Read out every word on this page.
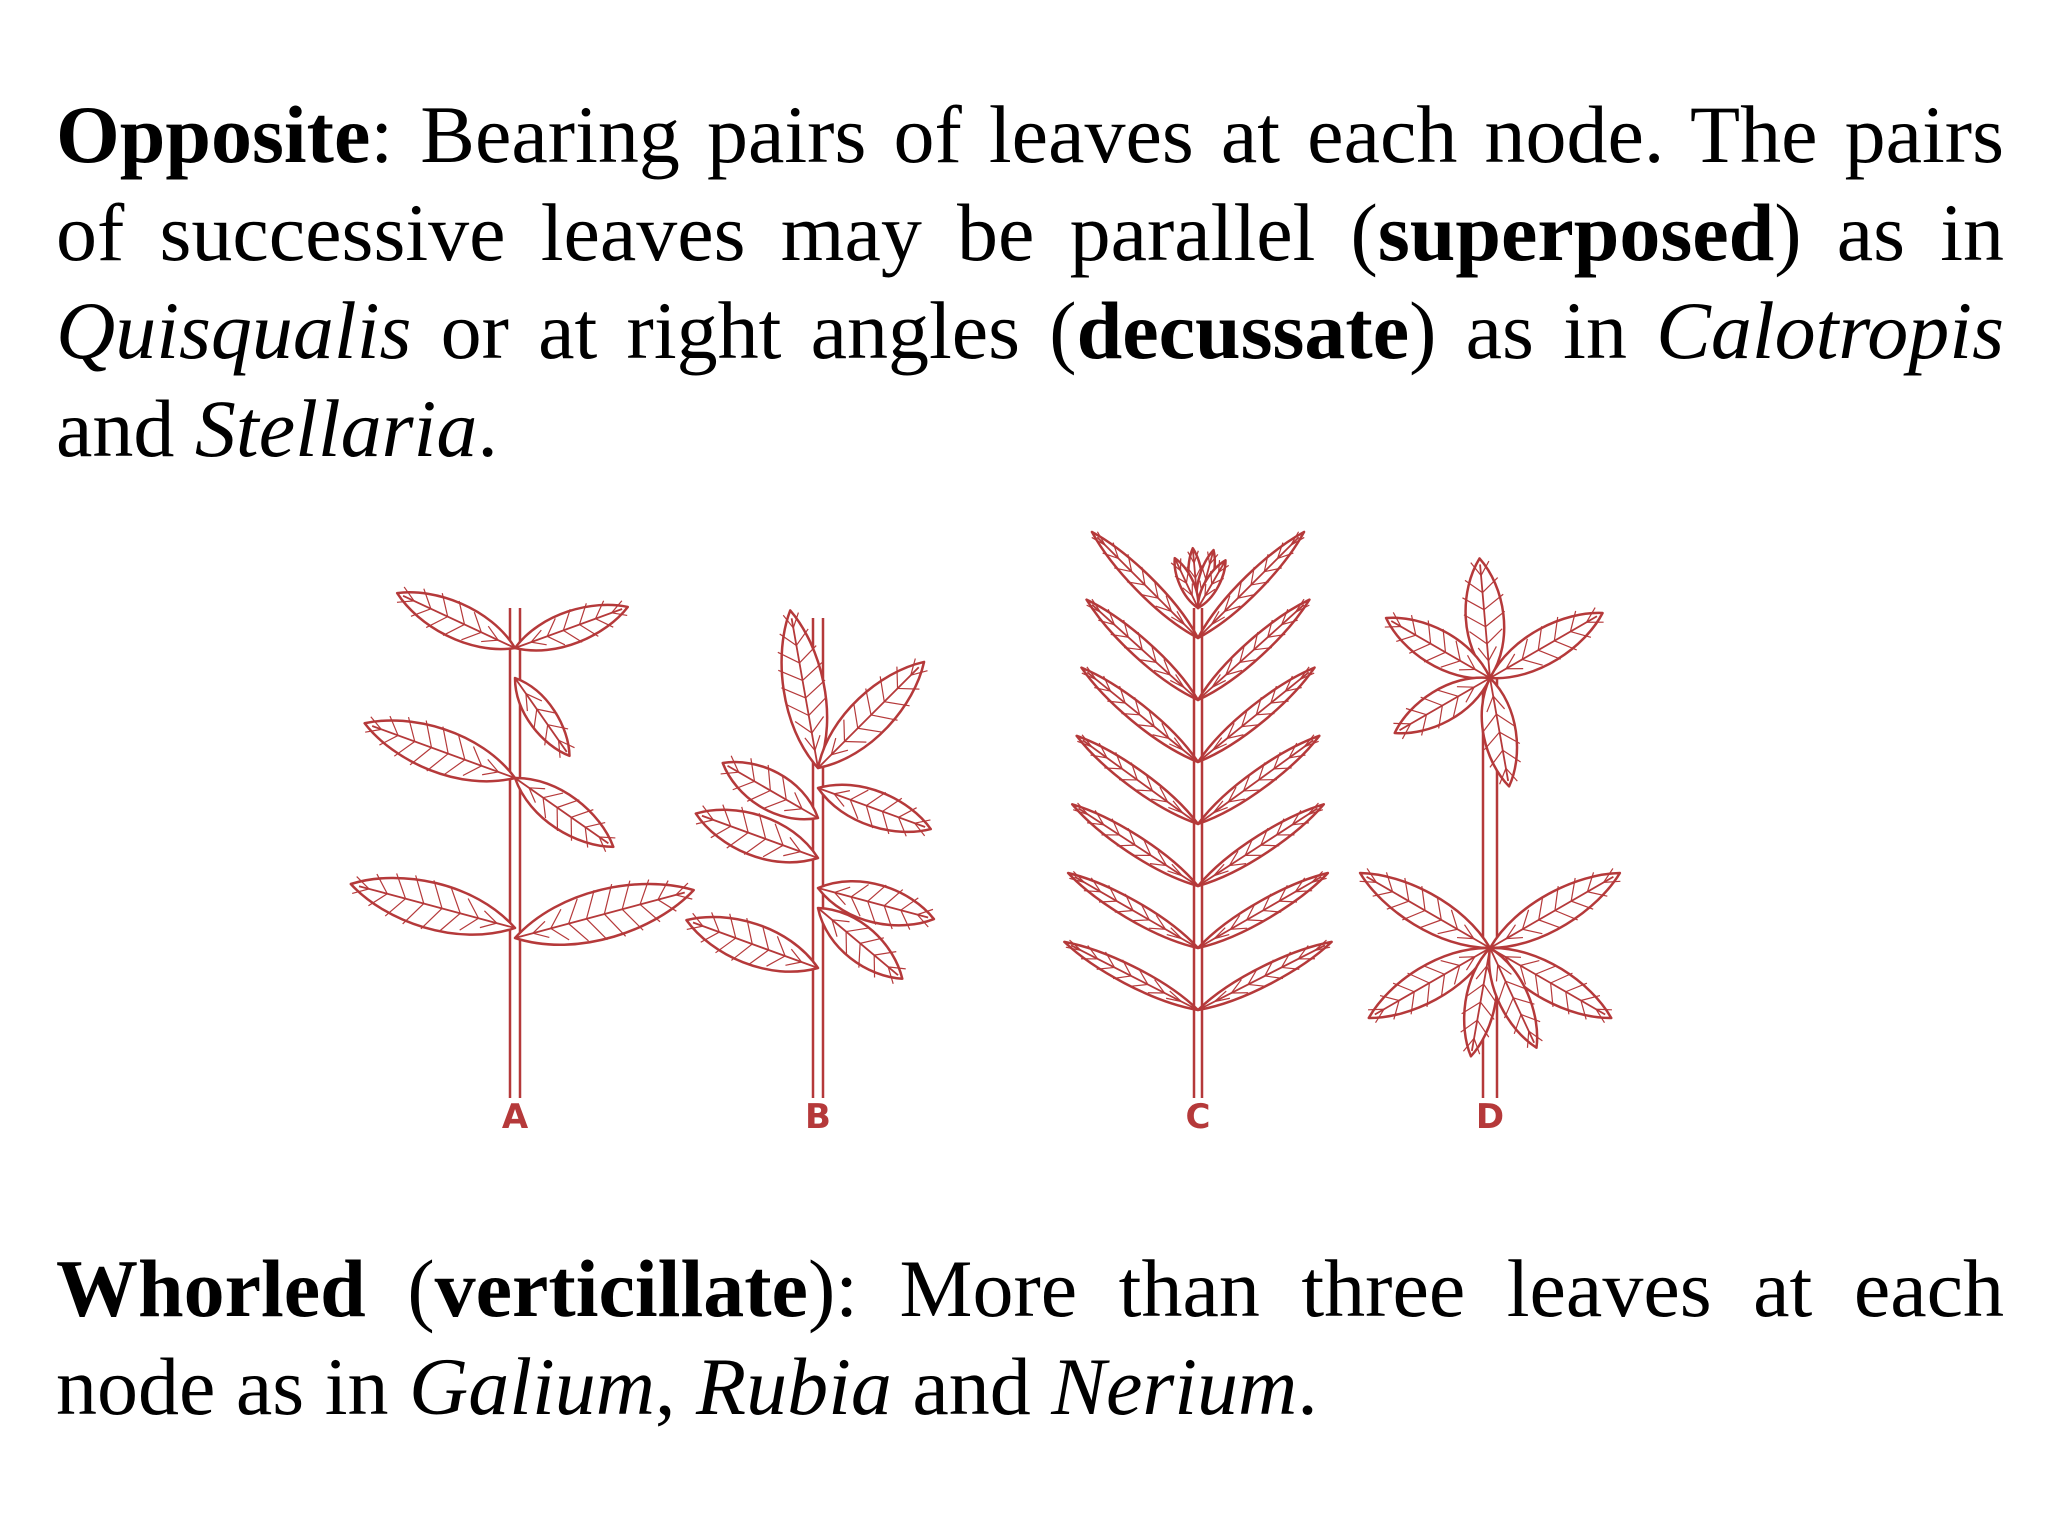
Opposite: Bearing pairs of leaves at each node. The pairs of successive leaves may be parallel (superposed) as in Quisqualis or at right angles (decussate) as in Calotropis and Stellaria.

A	B	C	D

Whorled (verticillate): More than three leaves at each node as in Galium, Rubia and Nerium.
